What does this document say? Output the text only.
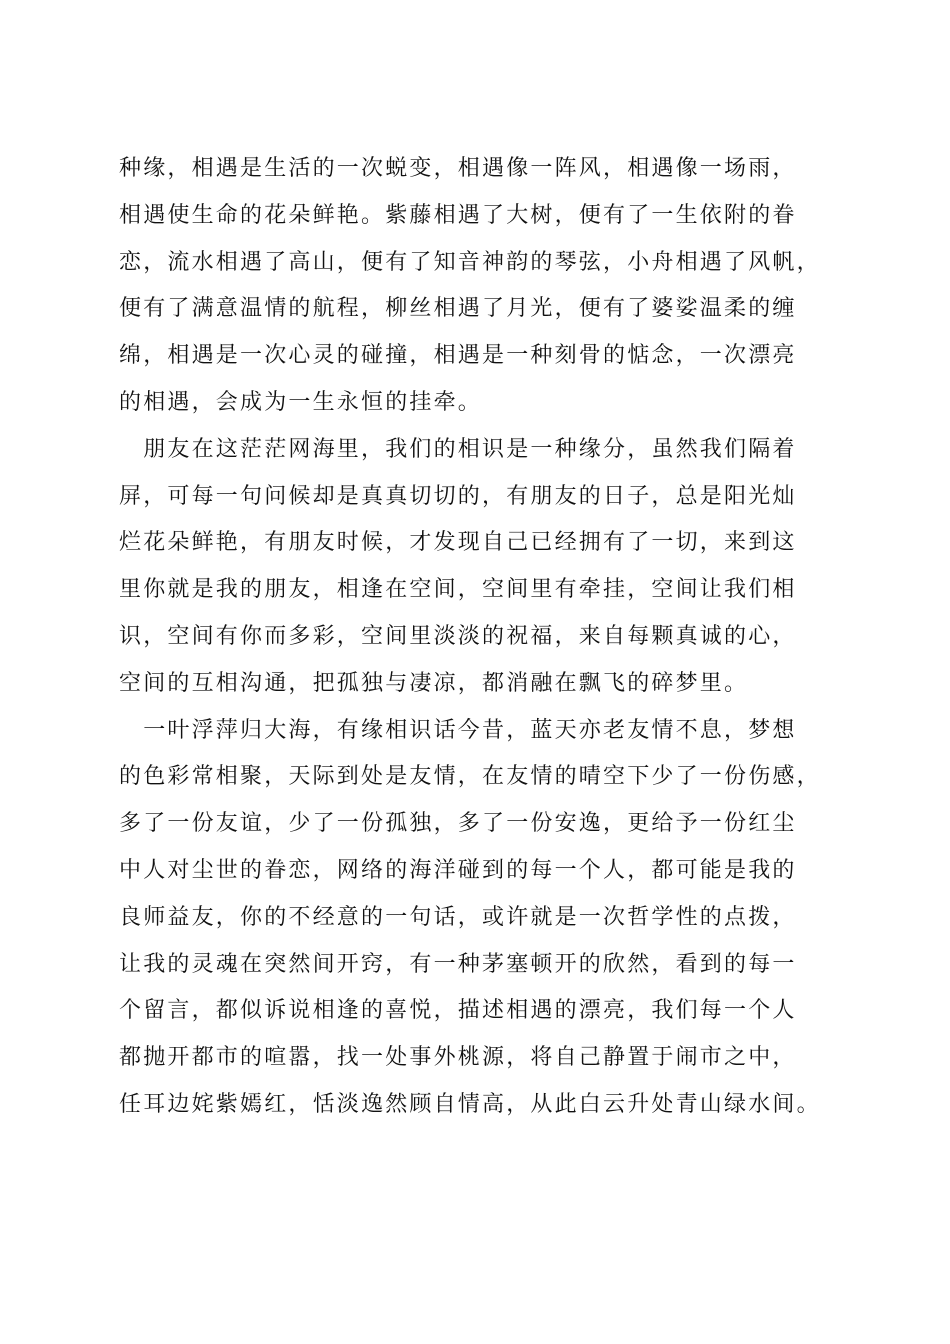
种缘，相遇是生活的一次蜕变，相遇像一阵风，相遇像一场雨，
相遇使生命的花朵鲜艳。紫藤相遇了大树，便有了一生依附的眷
恋，流水相遇了高山，便有了知音神韵的琴弦，小舟相遇了风帆，
便有了满意温情的航程，柳丝相遇了月光，便有了婆娑温柔的缠
绵，相遇是一次心灵的碰撞，相遇是一种刻骨的惦念，一次漂亮
的相遇，会成为一生永恒的挂牵。
　朋友在这茫茫网海里，我们的相识是一种缘分，虽然我们隔着
屏，可每一句问候却是真真切切的，有朋友的日子，总是阳光灿
烂花朵鲜艳，有朋友时候，才发现自己已经拥有了一切，来到这
里你就是我的朋友，相逢在空间，空间里有牵挂，空间让我们相
识，空间有你而多彩，空间里淡淡的祝福，来自每颗真诚的心，
空间的互相沟通，把孤独与凄凉，都消融在飘飞的碎梦里。
　一叶浮萍归大海，有缘相识话今昔，蓝天亦老友情不息，梦想
的色彩常相聚，天际到处是友情，在友情的晴空下少了一份伤感，
多了一份友谊，少了一份孤独，多了一份安逸，更给予一份红尘
中人对尘世的眷恋，网络的海洋碰到的每一个人，都可能是我的
良师益友，你的不经意的一句话，或许就是一次哲学性的点拨，
让我的灵魂在突然间开窍，有一种茅塞顿开的欣然，看到的每一
个留言，都似诉说相逢的喜悦，描述相遇的漂亮，我们每一个人
都抛开都市的喧嚣，找一处事外桃源，将自己静置于闹市之中，
任耳边姹紫嫣红，恬淡逸然顾自情高，从此白云升处青山绿水间。
